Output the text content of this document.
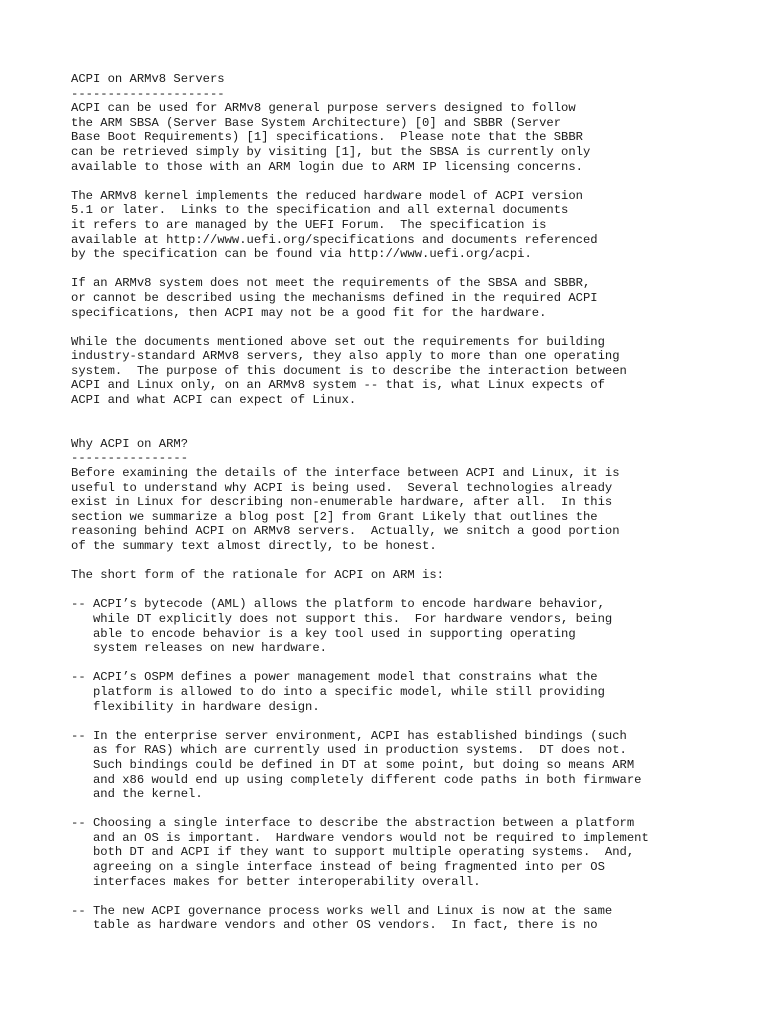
ACPI on ARMv8 Servers
---------------------
ACPI can be used for ARMv8 general purpose servers designed to follow
the ARM SBSA (Server Base System Architecture) [0] and SBBR (Server
Base Boot Requirements) [1] specifications.  Please note that the SBBR
can be retrieved simply by visiting [1], but the SBSA is currently only
available to those with an ARM login due to ARM IP licensing concerns.
The ARMv8 kernel implements the reduced hardware model of ACPI version
5.1 or later.  Links to the specification and all external documents
it refers to are managed by the UEFI Forum.  The specification is
available at http://www.uefi.org/specifications and documents referenced
by the specification can be found via http://www.uefi.org/acpi.
If an ARMv8 system does not meet the requirements of the SBSA and SBBR,
or cannot be described using the mechanisms defined in the required ACPI
specifications, then ACPI may not be a good fit for the hardware.
While the documents mentioned above set out the requirements for building
industry-standard ARMv8 servers, they also apply to more than one operating
system.  The purpose of this document is to describe the interaction between
ACPI and Linux only, on an ARMv8 system -- that is, what Linux expects of
ACPI and what ACPI can expect of Linux.
Why ACPI on ARM?
----------------
Before examining the details of the interface between ACPI and Linux, it is
useful to understand why ACPI is being used.  Several technologies already
exist in Linux for describing non-enumerable hardware, after all.  In this
section we summarize a blog post [2] from Grant Likely that outlines the
reasoning behind ACPI on ARMv8 servers.  Actually, we snitch a good portion
of the summary text almost directly, to be honest.
The short form of the rationale for ACPI on ARM is:
-- ACPI’s bytecode (AML) allows the platform to encode hardware behavior,
while DT explicitly does not support this.  For hardware vendors, being
able to encode behavior is a key tool used in supporting operating
system releases on new hardware.
-- ACPI’s OSPM defines a power management model that constrains what the
platform is allowed to do into a specific model, while still providing
flexibility in hardware design.
-- In the enterprise server environment, ACPI has established bindings (such
as for RAS) which are currently used in production systems.  DT does not.
Such bindings could be defined in DT at some point, but doing so means ARM
and x86 would end up using completely different code paths in both firmware
and the kernel.
-- Choosing a single interface to describe the abstraction between a platform
and an OS is important.  Hardware vendors would not be required to implement
both DT and ACPI if they want to support multiple operating systems.  And,
agreeing on a single interface instead of being fragmented into per OS
interfaces makes for better interoperability overall.
-- The new ACPI governance process works well and Linux is now at the same
table as hardware vendors and other OS vendors.  In fact, there is no
